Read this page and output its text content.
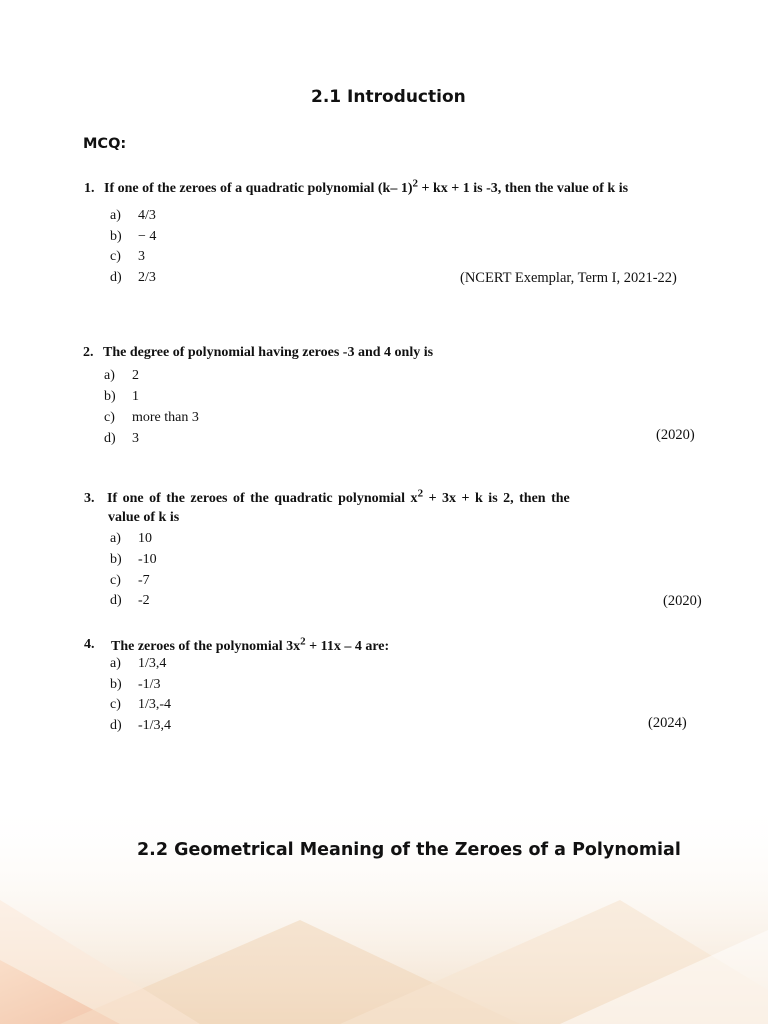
2.1 Introduction
MCQ:
1. If one of the zeroes of a quadratic polynomial (k– 1)$^2$ + kx + 1 is -3, then the value of k is
a) 4/3
b) − 4
c) 3
d) 2/3	(NCERT Exemplar, Term I, 2021-22)
2. The degree of polynomial having zeroes -3 and 4 only is
a) 2
b) 1
c) more than 3
d) 3	(2020)
3. If one of the zeroes of the quadratic polynomial $x^2 + 3x + k$ is 2, then the
value of k is
a) 10
b) -10
c) -7
d) -2	(2020)
4. The zeroes of the polynomial $3x^2 + 11x - 4$ are:
a) 1/3,4
b) -1/3
c) 1/3,-4
d) -1/3,4	(2024)
2.2 Geometrical Meaning of the Zeroes of a Polynomial
